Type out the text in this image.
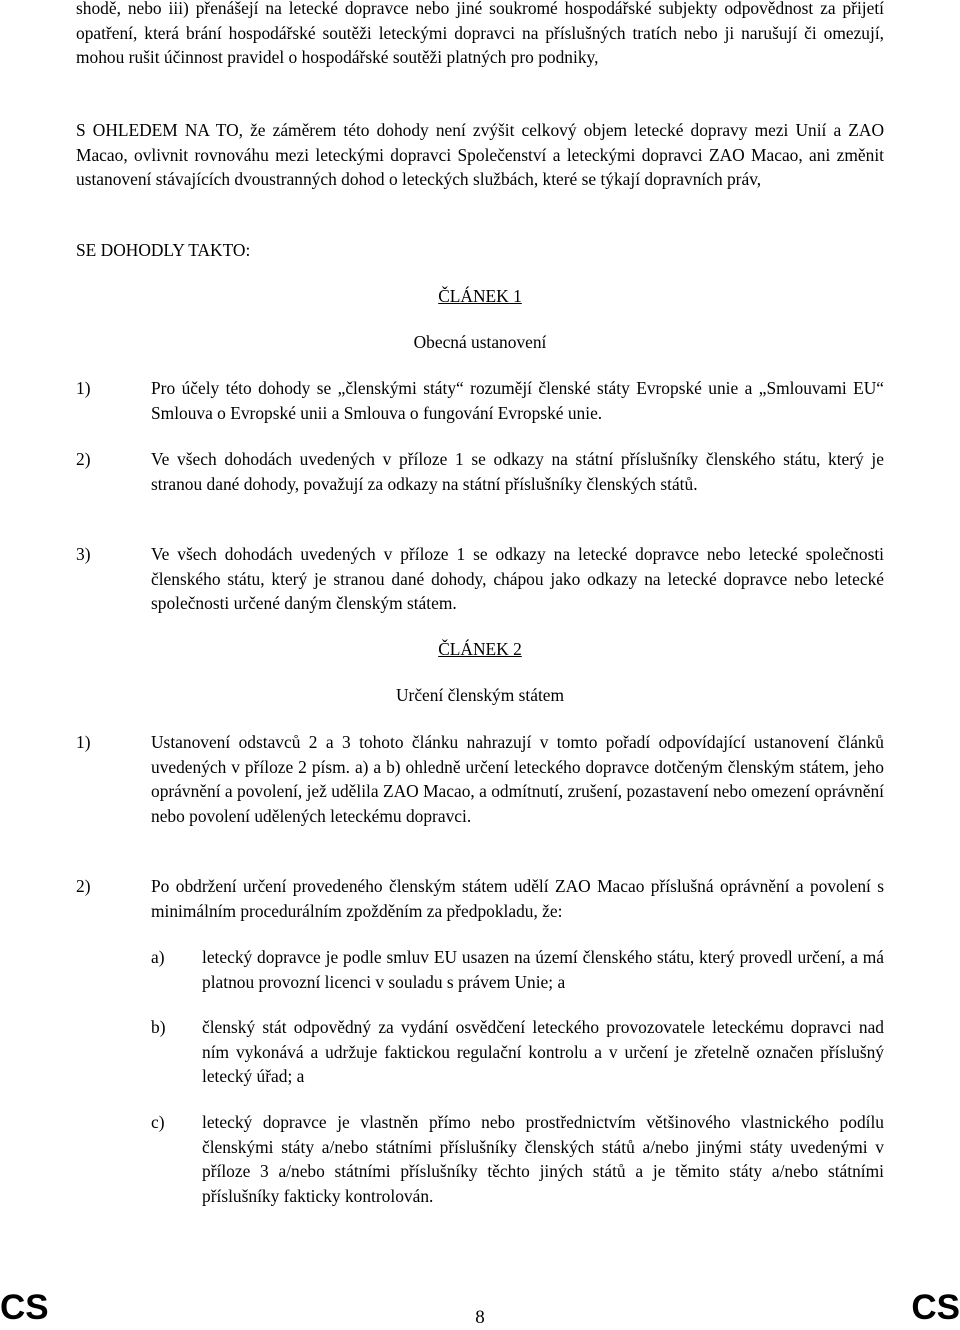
shodě, nebo iii) přenášejí na letecké dopravce nebo jiné soukromé hospodářské subjekty odpovědnost za přijetí opatření, která brání hospodářské soutěži leteckými dopravci na příslušných tratích nebo ji narušují či omezují, mohou rušit účinnost pravidel o hospodářské soutěži platných pro podniky,

S OHLEDEM NA TO, že záměrem této dohody není zvýšit celkový objem letecké dopravy mezi Unií a ZAO Macao, ovlivnit rovnováhu mezi leteckými dopravci Společenství a leteckými dopravci ZAO Macao, ani změnit ustanovení stávajících dvoustranných dohod o leteckých službách, které se týkají dopravních práv,

SE DOHODLY TAKTO:

ČLÁNEK 1
Obecná ustanovení
1)	Pro účely této dohody se „členskými státy“ rozumějí členské státy Evropské unie a „Smlouvami EU“ Smlouva o Evropské unii a Smlouva o fungování Evropské unie.

2)	Ve všech dohodách uvedených v příloze 1 se odkazy na státní příslušníky členského státu, který je stranou dané dohody, považují za odkazy na státní příslušníky členských států.

3)	Ve všech dohodách uvedených v příloze 1 se odkazy na letecké dopravce nebo letecké společnosti členského státu, který je stranou dané dohody, chápou jako odkazy na letecké dopravce nebo letecké společnosti určené daným členským státem.

ČLÁNEK 2
Určení členským státem
1)	Ustanovení odstavců 2 a 3 tohoto článku nahrazují v tomto pořadí odpovídající ustanovení článků uvedených v příloze 2 písm. a) a b) ohledně určení leteckého dopravce dotčeným členským státem, jeho oprávnění a povolení, jež udělila ZAO Macao, a odmítnutí, zrušení, pozastavení nebo omezení oprávnění nebo povolení udělených leteckému dopravci.

2)	Po obdržení určení provedeného členským státem udělí ZAO Macao příslušná oprávnění a povolení s minimálním procedurálním zpožděním za předpokladu, že:

a) letecký dopravce je podle smluv EU usazen na území členského státu, který provedl určení, a má platnou provozní licenci v souladu s právem Unie; a

b) členský stát odpovědný za vydání osvědčení leteckého provozovatele leteckému dopravci nad ním vykonává a udržuje faktickou regulační kontrolu a v určení je zřetelně označen příslušný letecký úřad; a

c) letecký dopravce je vlastněn přímo nebo prostřednictvím většinového vlastnického podílu členskými státy a/nebo státními příslušníky členských států a/nebo jinými státy uvedenými v příloze 3 a/nebo státními příslušníky těchto jiných států a je těmito státy a/nebo státními příslušníky fakticky kontrolován.

CS	8	CS
